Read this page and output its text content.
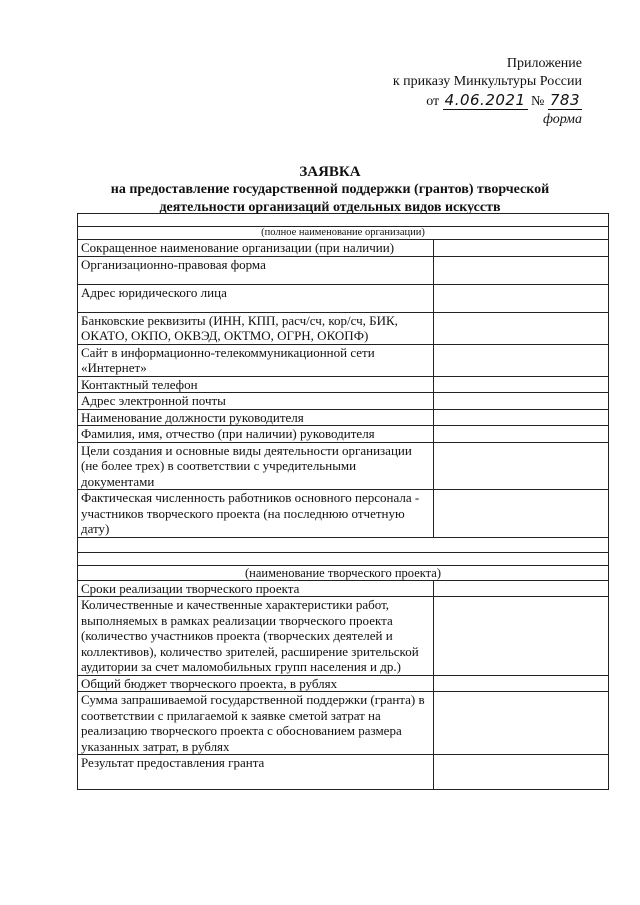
Приложение
к приказу Минкультуры России
от 4.06.2021 № 783
форма
ЗАЯВКА
на предоставление государственной поддержки (грантов) творческой
деятельности организаций отдельных видов искусств

(полное наименование организации)	
Сокращенное наименование организации (при наличии)	
Организационно-правовая форма	
Адрес юридического лица	
Банковские реквизиты (ИНН, КПП, расч/сч, кор/сч, БИК, ОКАТО, ОКПО, ОКВЭД, ОКТМО, ОГРН, ОКОПФ)	
Сайт в информационно-телекоммуникационной сети «Интернет»	
Контактный телефон	
Адрес электронной почты	
Наименование должности руководителя	
Фамилия, имя, отчество (при наличии) руководителя	
Цели создания и основные виды деятельности организации (не более трех) в соответствии с учредительными документами	
Фактическая численность работников основного персонала - участников творческого проекта (на последнюю отчетную дату)	

(наименование творческого проекта)	
Сроки реализации творческого проекта	
Количественные и качественные характеристики работ, выполняемых в рамках реализации творческого проекта (количество участников проекта (творческих деятелей и коллективов), количество зрителей, расширение зрительской аудитории за счет маломобильных групп населения и др.)	
Общий бюджет творческого проекта, в рублях	
Сумма запрашиваемой государственной поддержки (гранта) в соответствии с прилагаемой к заявке сметой затрат на реализацию творческого проекта с обоснованием размера указанных затрат, в рублях	
Результат предоставления гранта	
